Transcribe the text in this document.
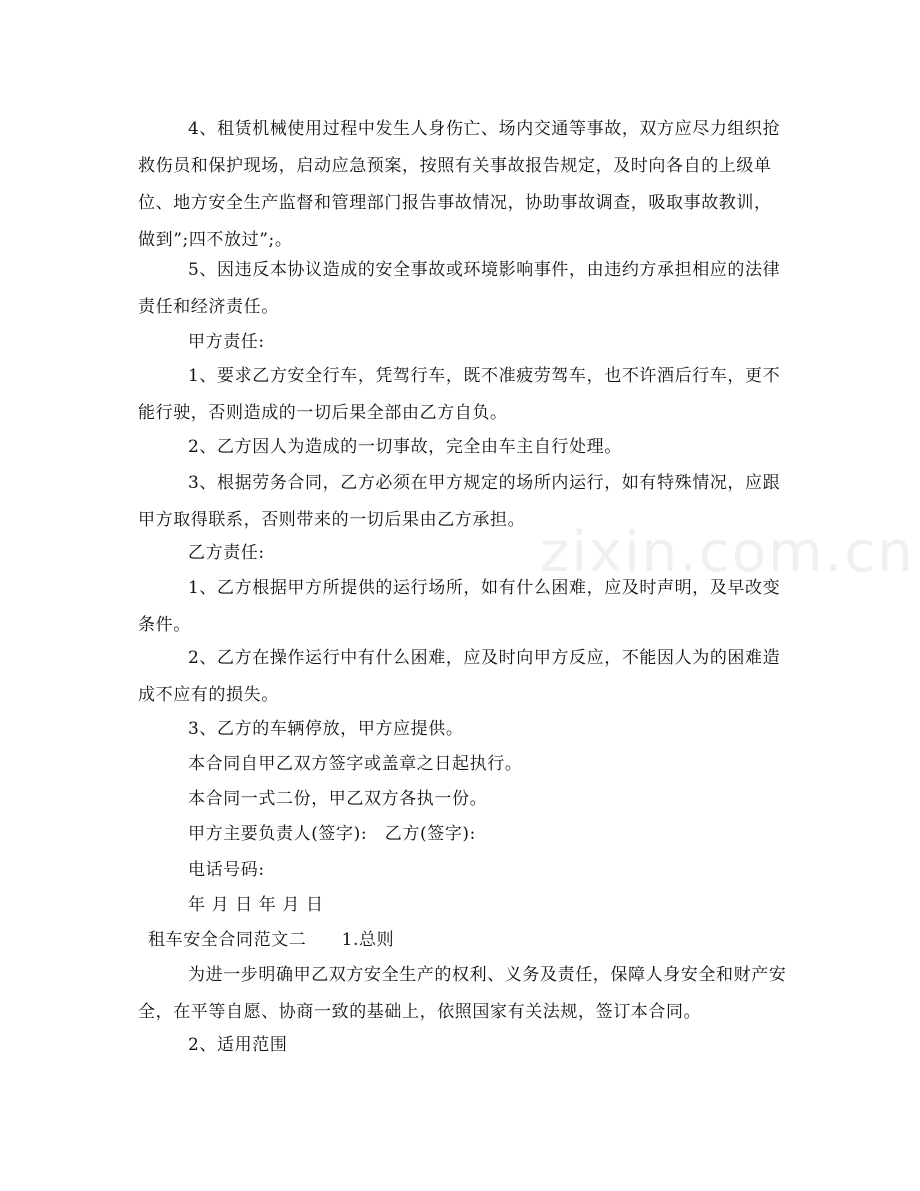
4、租赁机械使用过程中发生人身伤亡、场内交通等事故，双方应尽力组织抢救伤员和保护现场，启动应急预案，按照有关事故报告规定，及时向各自的上级单位、地方安全生产监督和管理部门报告事故情况，协助事故调查，吸取事故教训，做到”;四不放过”;。
5、因违反本协议造成的安全事故或环境影响事件，由违约方承担相应的法律责任和经济责任。
甲方责任:
1、要求乙方安全行车，凭驾行车，既不准疲劳驾车，也不许酒后行车，更不能行驶，否则造成的一切后果全部由乙方自负。
2、乙方因人为造成的一切事故，完全由车主自行处理。
3、根据劳务合同，乙方必须在甲方规定的场所内运行，如有特殊情况，应跟甲方取得联系，否则带来的一切后果由乙方承担。
乙方责任:
1、乙方根据甲方所提供的运行场所，如有什么困难，应及时声明，及早改变条件。
2、乙方在操作运行中有什么困难，应及时向甲方反应，不能因人为的困难造成不应有的损失。
3、乙方的车辆停放，甲方应提供。
本合同自甲乙双方签字或盖章之日起执行。
本合同一式二份，甲乙双方各执一份。
甲方主要负责人(签字):　乙方(签字):
电话号码:
年 月 日 年 月 日
租车安全合同范文二　　1.总则
为进一步明确甲乙双方安全生产的权利、义务及责任，保障人身安全和财产安全，在平等自愿、协商一致的基础上，依照国家有关法规，签订本合同。
2、适用范围
zixin.com.cn
